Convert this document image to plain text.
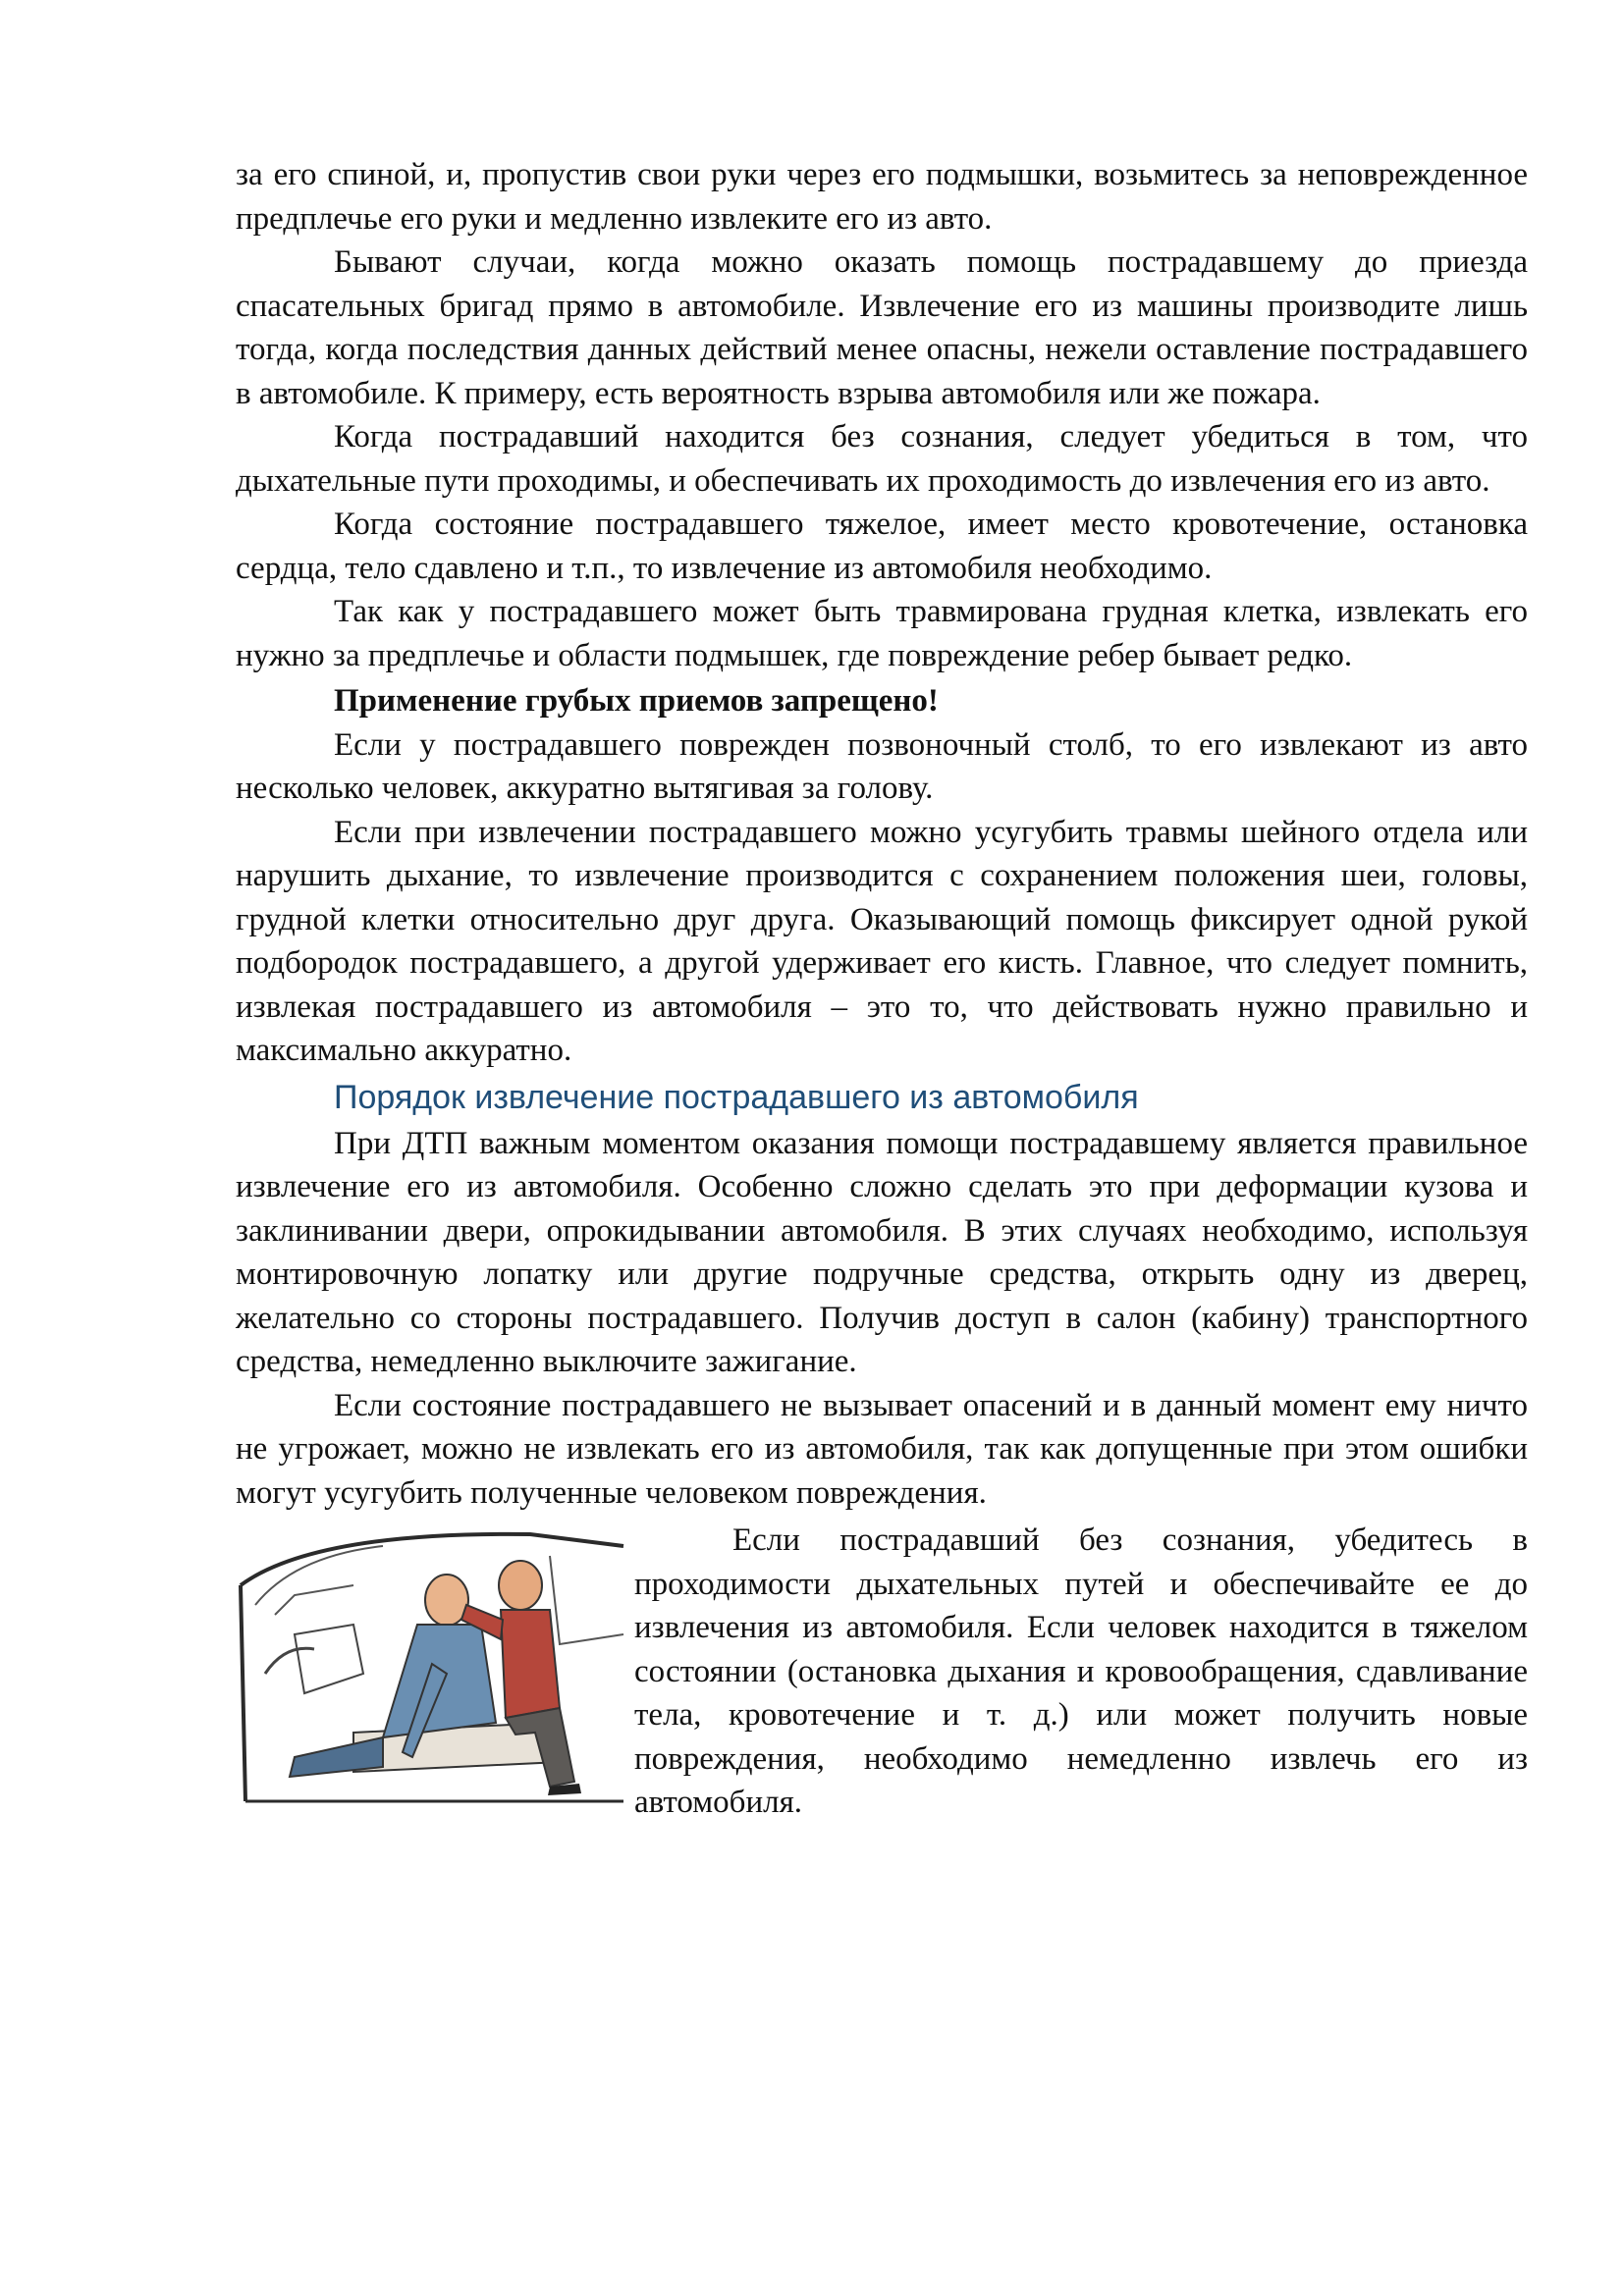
за его спиной, и, пропустив свои руки через его подмышки, возьмитесь за неповрежденное предплечье его руки и медленно извлеките его из авто.

Бывают случаи, когда можно оказать помощь пострадавшему до приезда спасательных бригад прямо в автомобиле. Извлечение его из машины производите лишь тогда, когда последствия данных действий менее опасны, нежели оставление пострадавшего в автомобиле. К примеру, есть вероятность взрыва автомобиля или же пожара.

Когда пострадавший находится без сознания, следует убедиться в том, что дыхательные пути проходимы, и обеспечивать их проходимость до извлечения его из авто.

Когда состояние пострадавшего тяжелое, имеет место кровотечение, остановка сердца, тело сдавлено и т.п., то извлечение из автомобиля необходимо.

Так как у пострадавшего может быть травмирована грудная клетка, извлекать его нужно за предплечье и области подмышек, где повреждение ребер бывает редко.

Применение грубых приемов запрещено!

Если у пострадавшего поврежден позвоночный столб, то его извлекают из авто несколько человек, аккуратно вытягивая за голову.

Если при извлечении пострадавшего можно усугубить травмы шейного отдела или нарушить дыхание, то извлечение производится с сохранением положения шеи, головы, грудной клетки относительно друг друга. Оказывающий помощь фиксирует одной рукой подбородок пострадавшего, а другой удерживает его кисть. Главное, что следует помнить, извлекая пострадавшего из автомобиля – это то, что действовать нужно правильно и максимально аккуратно.

Порядок извлечение пострадавшего из автомобиля

При ДТП важным моментом оказания помощи пострадавшему является правильное извлечение его из автомобиля. Особенно сложно сделать это при деформации кузова и заклинивании двери, опрокидывании автомобиля. В этих случаях необходимо, используя монтировочную лопатку или другие подручные средства, открыть одну из дверец, желательно со стороны пострадавшего. Получив доступ в салон (кабину) транспортного средства, немедленно выключите зажигание.

Если состояние пострадавшего не вызывает опасений и в данный момент ему ничто не угрожает, можно не извлекать его из автомобиля, так как допущенные при этом ошибки могут усугубить полученные человеком повреждения.

Если пострадавший без сознания, убедитесь в проходимости дыхательных путей и обеспечивайте ее до извлечения из автомобиля. Если человек находится в тяжелом состоянии (остановка дыхания и кровообращения, сдавливание тела, кровотечение и т. д.) или может получить новые повреждения, необходимо немедленно извлечь его из автомобиля.
